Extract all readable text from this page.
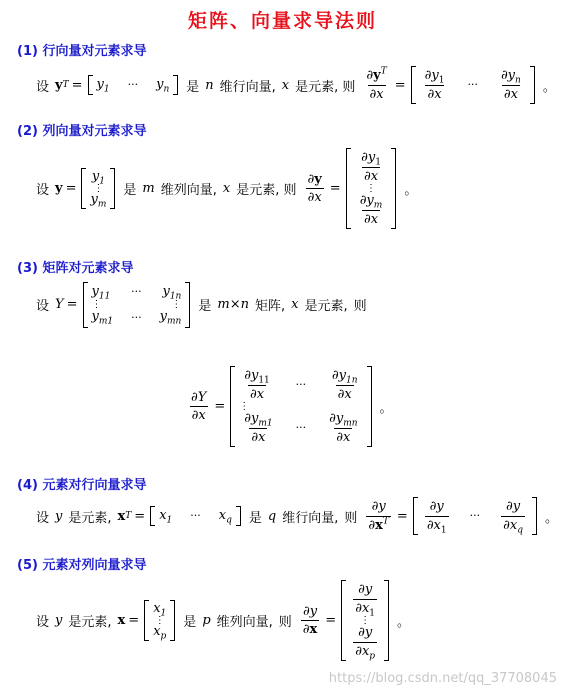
矩阵、向量求导法则
(1) 行向量对元素求导
设 y $T = y_1$ ··· $y_n$ 是 n 维行向量, x 是元素, 则 $\frac{\partial y^T}{\partial x} = \frac{\partial y_1}{\partial x}$ ··· $\frac{\partial y_n}{\partial x}$ 。
(2) 列向量对元素求导
设 y =
$y_1$
⋮
$y_m$
是 m 维列向量, x 是元素, 则 $\frac{\partial y}{\partial x}$ =
$\frac{\partial y_1}{\partial x}$
⋮
$\frac{\partial y_m}{\partial x}$
。
(3) 矩阵对元素求导
设 Y =
$y_{11}$ ··· $y_{1n}$
⋮	⋮
$y_{m1}$ ··· $y_{mn}$
是 m × n 矩阵, x 是元素, 则
$\frac{\partial Y}{\partial x}$ =
$\frac{\partial y_{11}}{\partial x}$ ··· $\frac{\partial y_{1n}}{\partial x}$
⋮
$\frac{\partial y_{m1}}{\partial x}$ ··· $\frac{\partial y_{mn}}{\partial x}$
。
(4) 元素对行向量求导
设 y 是元素, x $T = x_1$ ··· $x_q$ 是 q 维行向量, 则 $\frac{\partial y}{\partial x^T} = \frac{\partial y}{\partial x_1}$ ··· $\frac{\partial y}{\partial x_q}$ 。
(5) 元素对列向量求导
设 y 是元素, x =
$x_1$
⋮
$x_p$
是 p 维列向量, 则 $\frac{\partial y}{\partial x}$ =
$\frac{\partial y}{\partial x_1}$
⋮
$\frac{\partial y}{\partial x_p}$
。
https://blog.csdn.net/qq_37708045
